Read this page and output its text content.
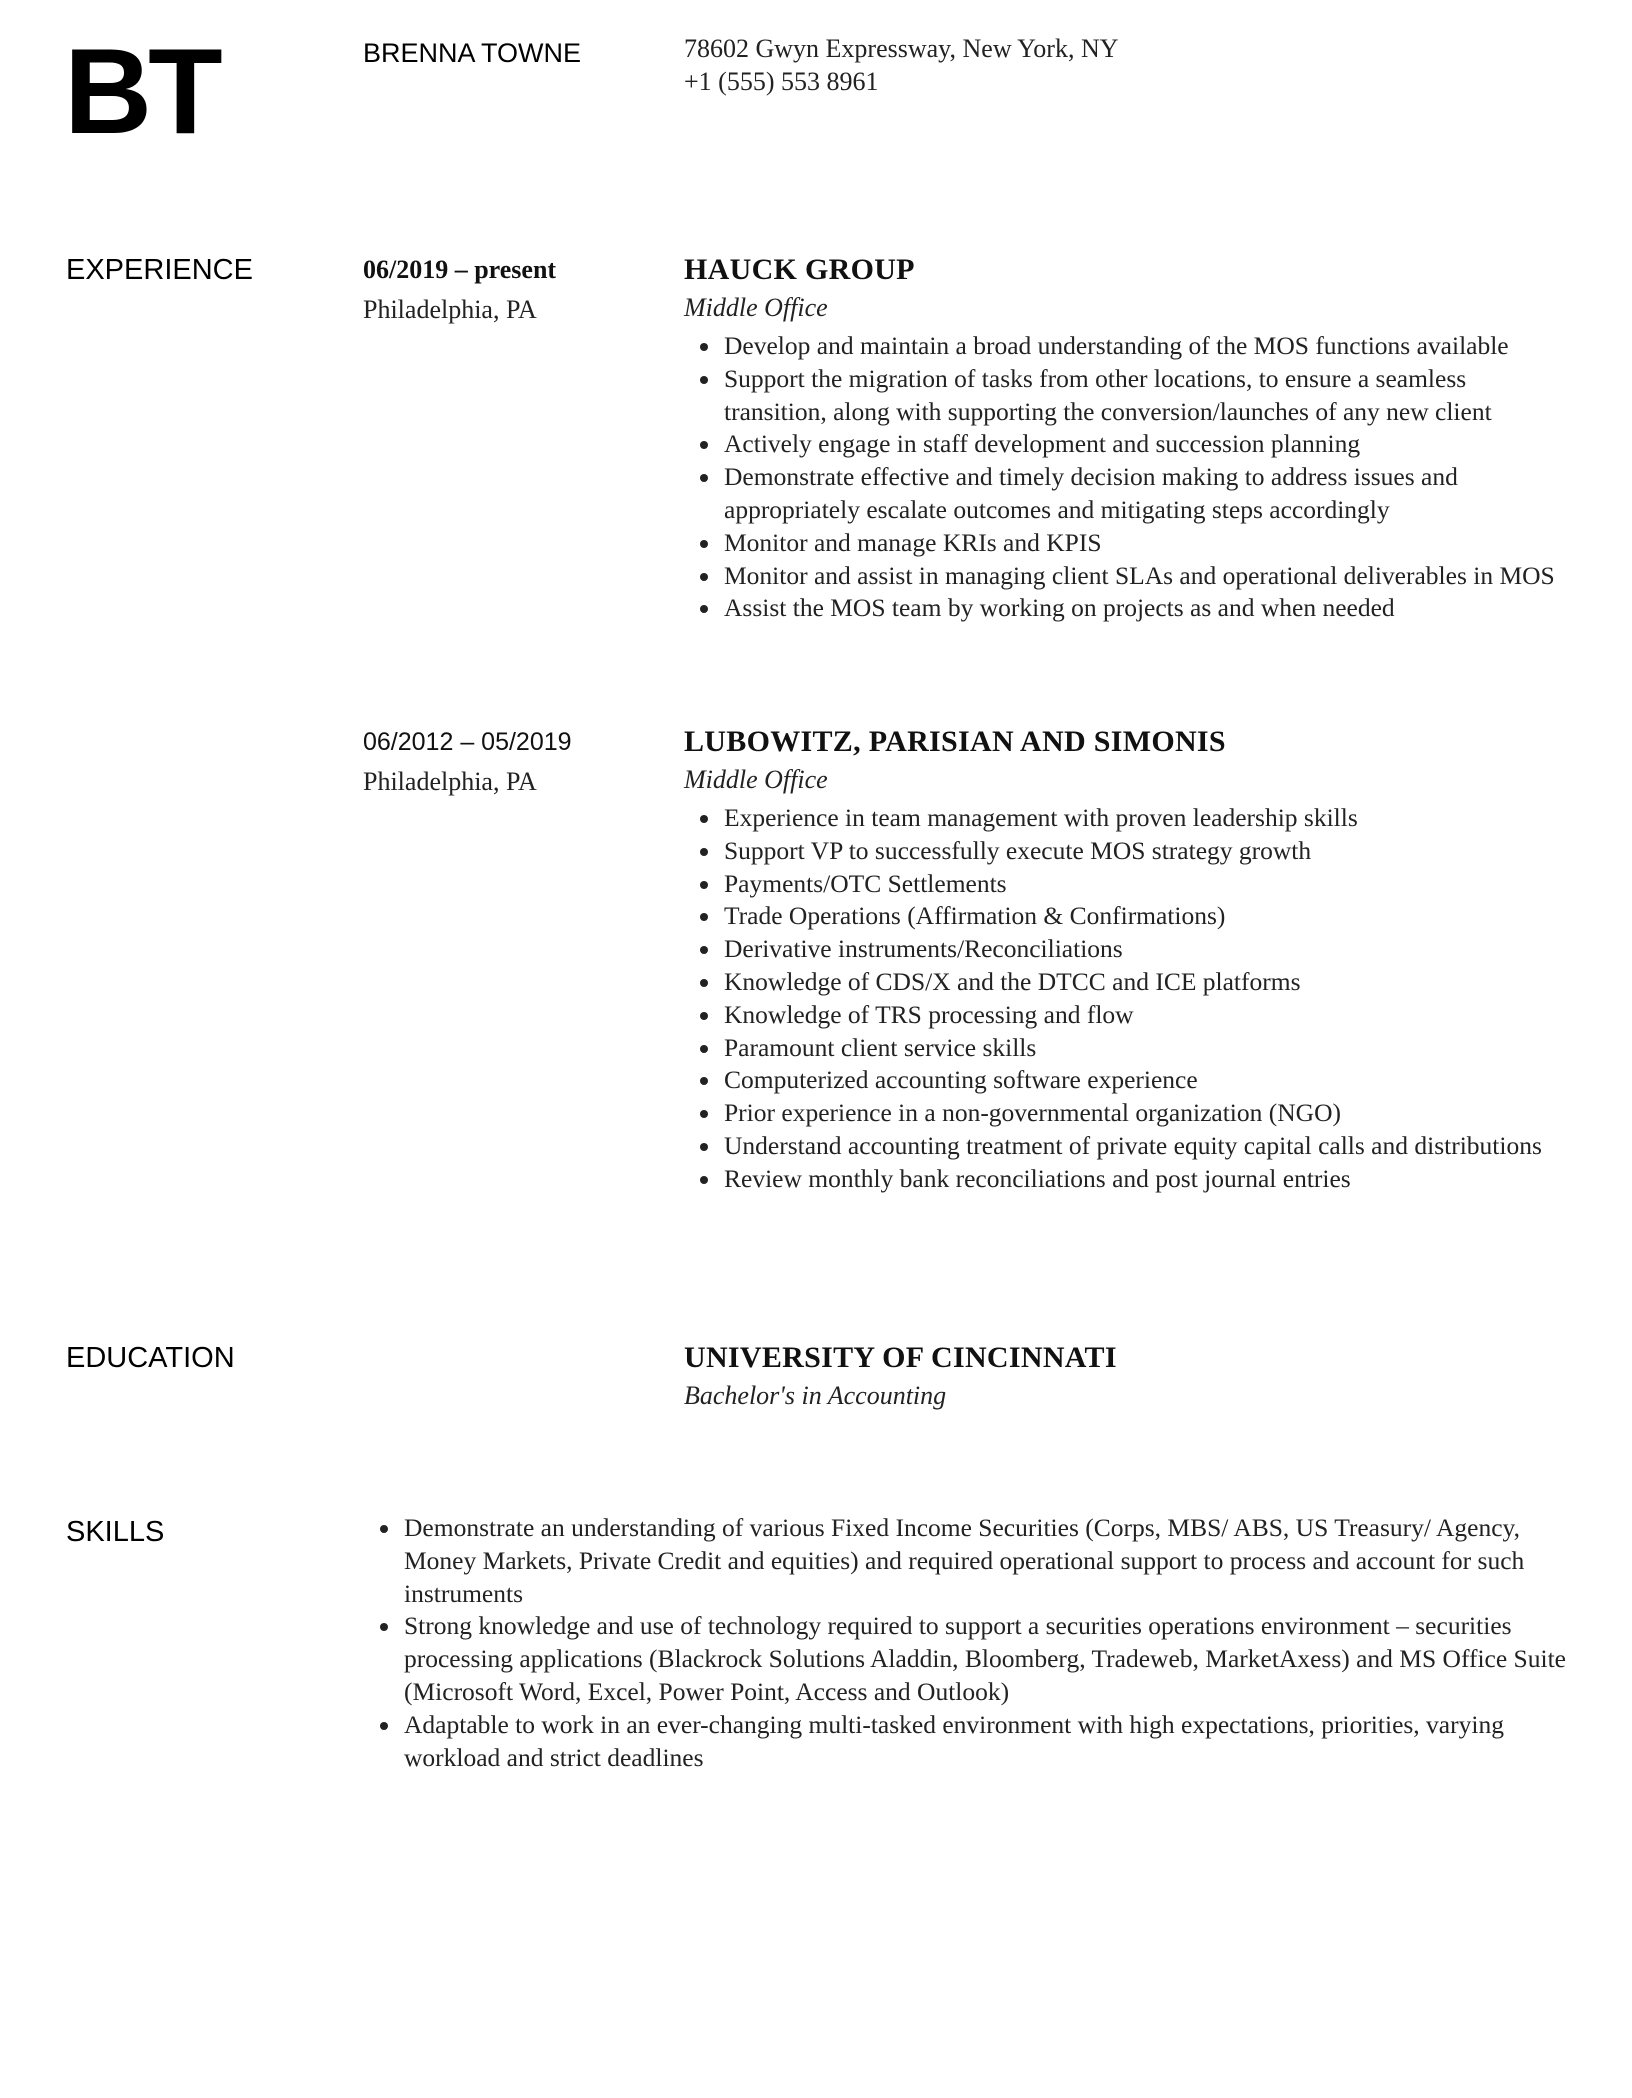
BT	BRENNA TOWNE	78602 Gwyn Expressway, New York, NY
+1 (555) 553 8961
EXPERIENCE	06/2019 – present
Philadelphia, PA
HAUCK GROUP
Middle Office
• Develop and maintain a broad understanding of the MOS functions available
• Support the migration of tasks from other locations, to ensure a seamless transition, along with supporting the conversion/launches of any new client
• Actively engage in staff development and succession planning
• Demonstrate effective and timely decision making to address issues and appropriately escalate outcomes and mitigating steps accordingly
• Monitor and manage KRIs and KPIS
• Monitor and assist in managing client SLAs and operational deliverables in MOS
• Assist the MOS team by working on projects as and when needed
06/2012 – 05/2019
Philadelphia, PA
LUBOWITZ, PARISIAN AND SIMONIS
Middle Office
• Experience in team management with proven leadership skills
• Support VP to successfully execute MOS strategy growth
• Payments/OTC Settlements
• Trade Operations (Affirmation & Confirmations)
• Derivative instruments/Reconciliations
• Knowledge of CDS/X and the DTCC and ICE platforms
• Knowledge of TRS processing and flow
• Paramount client service skills
• Computerized accounting software experience
• Prior experience in a non-governmental organization (NGO)
• Understand accounting treatment of private equity capital calls and distributions
• Review monthly bank reconciliations and post journal entries
EDUCATION	UNIVERSITY OF CINCINNATI
Bachelor's in Accounting
SKILLS
•	Demonstrate an understanding of various Fixed Income Securities (Corps, MBS/ ABS, US Treasury/ Agency, Money Markets, Private Credit and equities) and required operational support to process and account for such instruments
• Strong knowledge and use of technology required to support a securities operations environment – securities processing applications (Blackrock Solutions Aladdin, Bloomberg, Tradeweb, MarketAxess) and MS Office Suite (Microsoft Word, Excel, Power Point, Access and Outlook)
• Adaptable to work in an ever-changing multi-tasked environment with high expectations, priorities, varying workload and strict deadlines
